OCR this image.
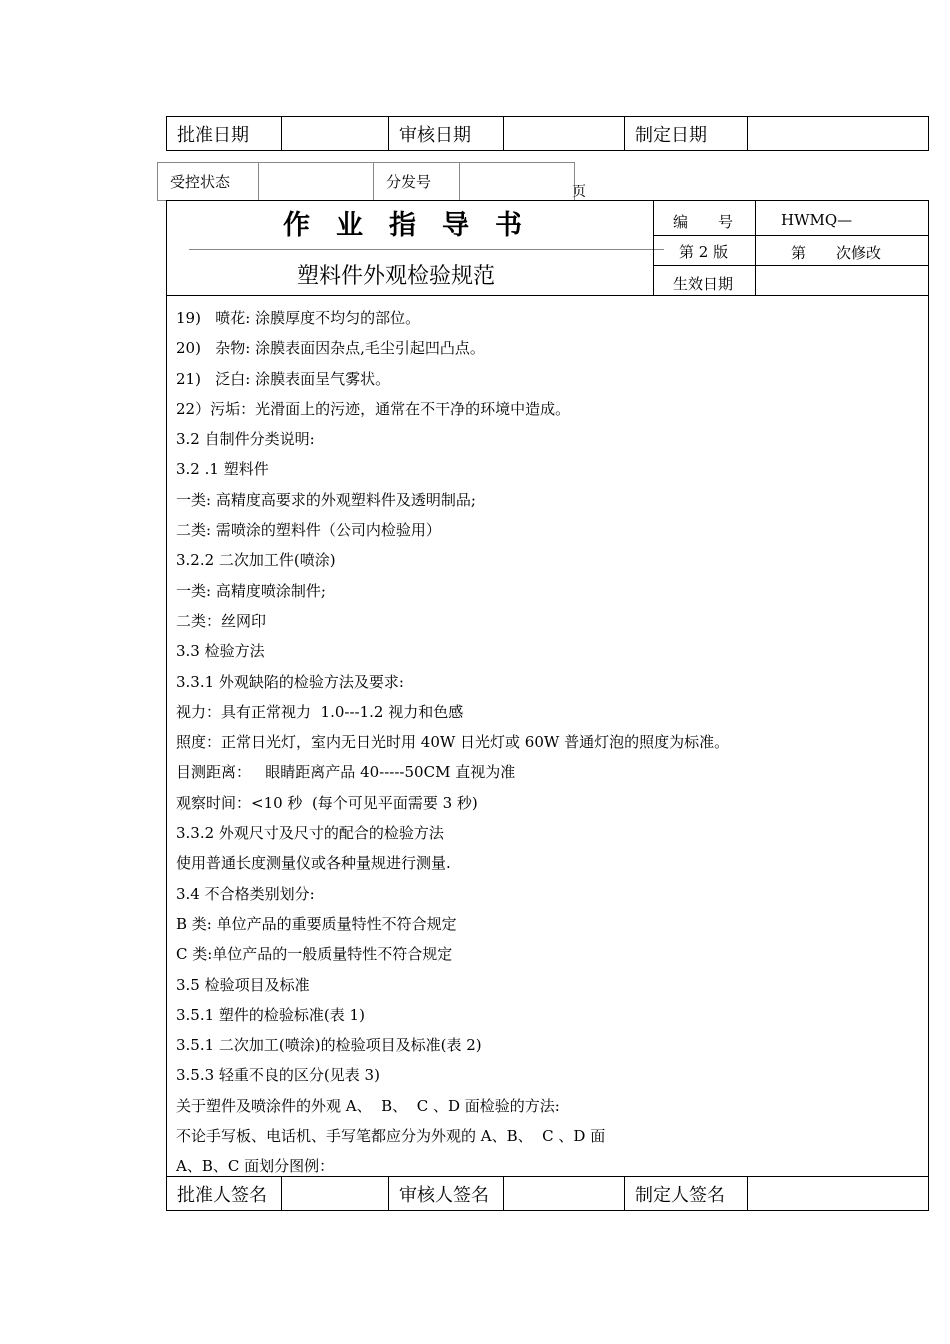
批准日期		审核日期		制定日期	
受控状态		分发号	
页
作业指导书
塑料件外观检验规范
编　　号	HWMQ—
第 2 版	第　　次修改
生效日期
19)   喷花: 涂膜厚度不均匀的部位。
20)   杂物: 涂膜表面因杂点,毛尘引起凹凸点。
21)   泛白: 涂膜表面呈气雾状。
22）污垢：光滑面上的污迹，通常在不干净的环境中造成。
3.2 自制件分类说明:
3.2 .1 塑料件
一类: 高精度高要求的外观塑料件及透明制品;
二类: 需喷涂的塑料件（公司内检验用）
3.2.2 二次加工件(喷涂)
一类: 高精度喷涂制件;
二类：丝网印
3.3 检验方法
3.3.1 外观缺陷的检验方法及要求:
视力：具有正常视力  1.0---1.2 视力和色感
照度：正常日光灯，室内无日光时用 40W 日光灯或 60W 普通灯泡的照度为标准。
目测距离：   眼睛距离产品 40-----50CM 直视为准
观察时间：<10 秒  (每个可见平面需要 3 秒)
3.3.2 外观尺寸及尺寸的配合的检验方法
使用普通长度测量仪或各种量规进行测量.
3.4 不合格类别划分:
B 类: 单位产品的重要质量特性不符合规定
C 类:单位产品的一般质量特性不符合规定
3.5 检验项目及标准
3.5.1 塑件的检验标准(表 1)
3.5.1 二次加工(喷涂)的检验项目及标准(表 2)
3.5.3 轻重不良的区分(见表 3)
关于塑件及喷涂件的外观 A、  B、  C 、D 面检验的方法:
不论手写板、电话机、手写笔都应分为外观的 A、B、  C 、D 面
A、B、C 面划分图例：
批准人签名		审核人签名		制定人签名	
